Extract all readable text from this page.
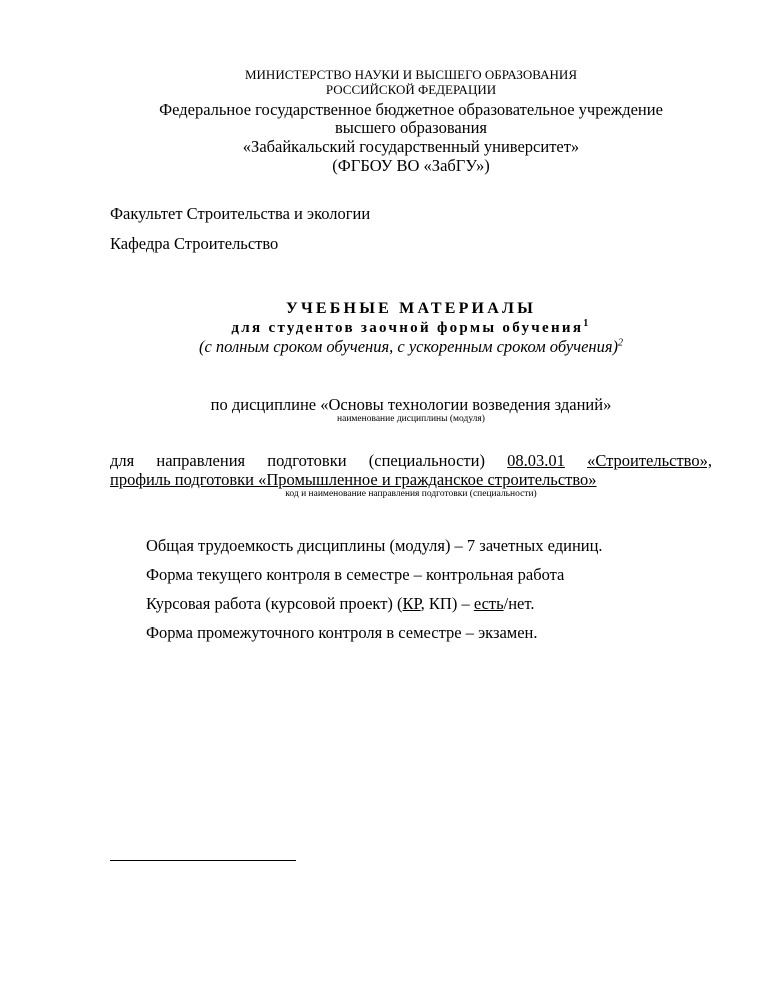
МИНИСТЕРСТВО НАУКИ И ВЫСШЕГО ОБРАЗОВАНИЯ
РОССИЙСКОЙ ФЕДЕРАЦИИ
Федеральное государственное бюджетное образовательное учреждение
высшего образования
«Забайкальский государственный университет»
(ФГБОУ ВО «ЗабГУ»)
Факультет Строительства и экологии
Кафедра Строительство
УЧЕБНЫЕ МАТЕРИАЛЫ
для студентов заочной формы обучения$^1$
(с полным сроком обучения, с ускоренным сроком обучения)$^2$
по дисциплине «Основы технологии возведения зданий»
наименование дисциплины (модуля)
для направления подготовки (специальности) 08.03.01 «Строительство»,
профиль подготовки «Промышленное и гражданское строительство»
код и наименование направления подготовки (специальности)
Общая трудоемкость дисциплины (модуля) – 7 зачетных единиц.
Форма текущего контроля в семестре – контрольная работа
Курсовая работа (курсовой проект) (КР, КП) – есть/нет.
Форма промежуточного контроля в семестре – экзамен.
